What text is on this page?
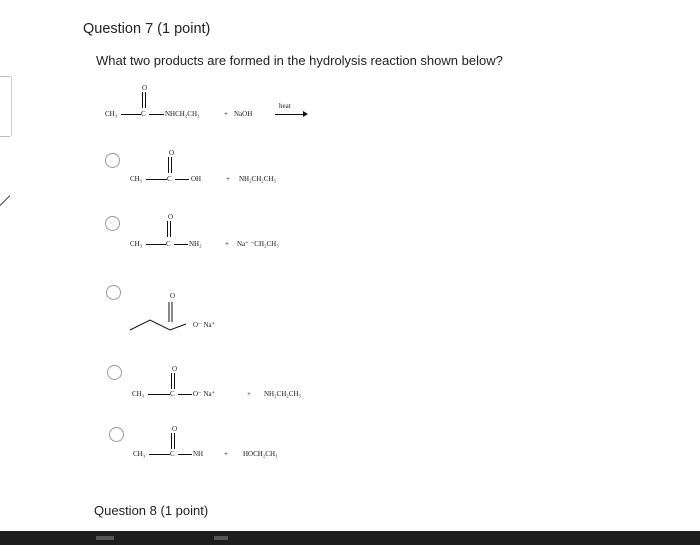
Question 7 (1 point)
What two products are formed in the hydrolysis reaction shown below?
O
CH₃	C	NHCH₂CH₃	+ NaOH
heat
O
CH₃	C	OH	+ NH₂CH₂CH₃
O
CH₃	C	NH₂	+ Na⁺ ⁻CH₂CH₃
O
O⁻ Na⁺
O
CH₃	C	O⁻ Na⁺	+ NH₂CH₂CH₃
O
CH₃	C	NH	+ HOCH₂CH₃
Question 8 (1 point)
